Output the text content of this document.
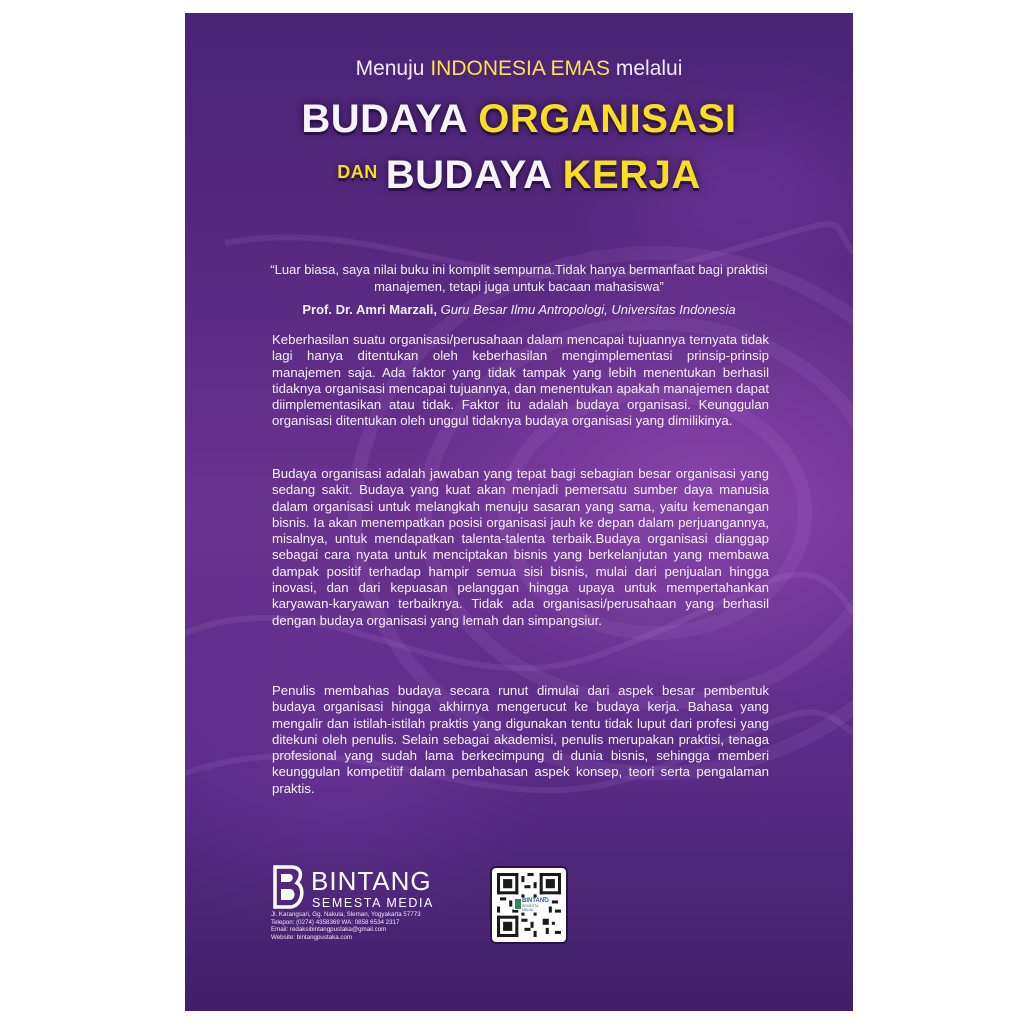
Menuju INDONESIA EMAS melalui
BUDAYA ORGANISASI
$^{DAN}$ BUDAYA KERJA
“Luar biasa, saya nilai buku ini komplit sempurna.Tidak hanya bermanfaat bagi praktisi manajemen, tetapi juga untuk bacaan mahasiswa”
Prof. Dr. Amri Marzali, Guru Besar Ilmu Antropologi, Universitas Indonesia

Keberhasilan suatu organisasi/perusahaan dalam mencapai tujuannya ternyata tidak lagi hanya ditentukan oleh keberhasilan mengimplementasi prinsip-prinsip manajemen saja. Ada faktor yang tidak tampak yang lebih menentukan berhasil tidaknya organisasi mencapai tujuannya, dan menentukan apakah manajemen dapat diimplementasikan atau tidak. Faktor itu adalah budaya organisasi. Keunggulan organisasi ditentukan oleh unggul tidaknya budaya organisasi yang dimilikinya.

Budaya organisasi adalah jawaban yang tepat bagi sebagian besar organisasi yang sedang sakit. Budaya yang kuat akan menjadi pemersatu sumber daya manusia dalam organisasi untuk melangkah menuju sasaran yang sama, yaitu kemenangan bisnis. Ia akan menempatkan posisi organisasi jauh ke depan dalam perjuangannya, misalnya, untuk mendapatkan talenta-talenta terbaik.Budaya organisasi dianggap sebagai cara nyata untuk menciptakan bisnis yang berkelanjutan yang membawa dampak positif terhadap hampir semua sisi bisnis, mulai dari penjualan hingga inovasi, dan dari kepuasan pelanggan hingga upaya untuk mempertahankan karyawan-karyawan terbaiknya. Tidak ada organisasi/perusahaan yang berhasil dengan budaya organisasi yang lemah dan simpangsiur.

Penulis membahas budaya secara runut dimulai dari aspek besar pembentuk budaya organisasi hingga akhirnya mengerucut ke budaya kerja. Bahasa yang mengalir dan istilah-istilah praktis yang digunakan tentu tidak luput dari profesi yang ditekuni oleh penulis. Selain sebagai akademisi, penulis merupakan praktisi, tenaga profesional yang sudah lama berkecimpung di dunia bisnis, sehingga memberi keunggulan kompetitif dalam pembahasan aspek konsep, teori serta pengalaman praktis.

BINTANG
SEMESTA MEDIA
Jl. Karangsari, Gg. Nakula, Sleman, Yogyakarta 57773
Telepon: (0274) 4358369 WA: 0858 6534 2317
Email: redaksibintangpustaka@gmail.com
Website: bintangpustaka.com
BINTANG
SEMESTA MEDIA
